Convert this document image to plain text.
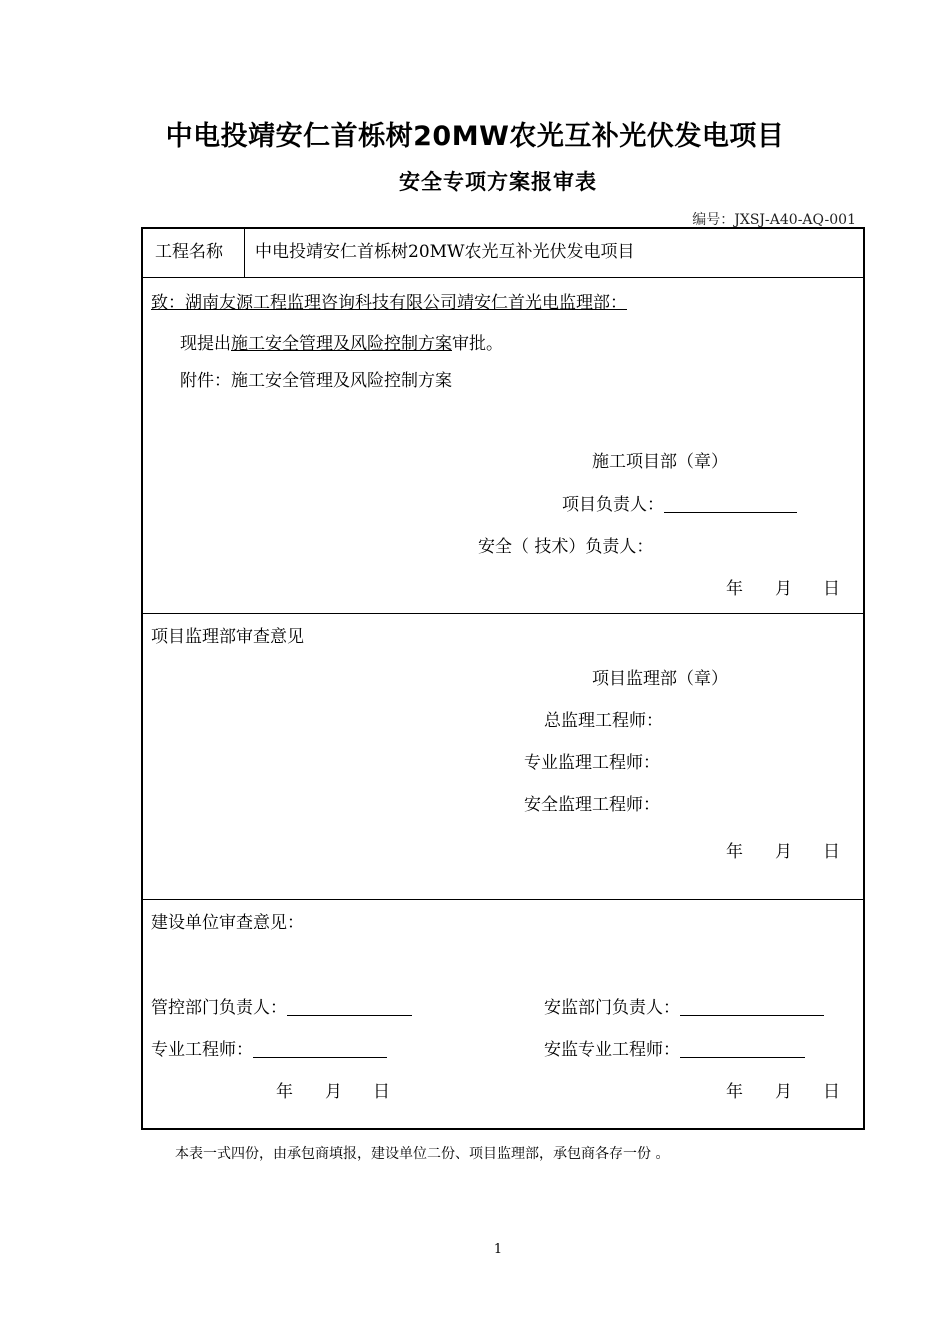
中电投靖安仁首栎树20MW农光互补光伏发电项目
安全专项方案报审表
编号：JXSJ-A40-AQ-001
工程名称 中电投靖安仁首栎树20MW农光互补光伏发电项目
致：湖南友源工程监理咨询科技有限公司靖安仁首光电监理部：
现提出施工安全管理及风险控制方案审批。
附件：施工安全管理及风险控制方案
施工项目部（章）
项目负责人：
安全（ 技术）负责人：
年 月 日
项目监理部审查意见
项目监理部（章）
总监理工程师：
专业监理工程师：
安全监理工程师：
年 月 日
建设单位审查意见：
管控部门负责人：	安监部门负责人：
专业工程师：	安监专业工程师：
年 月 日	年 月 日
本表一式四份，由承包商填报，建设单位二份、项目监理部，承包商各存一份 。
1
